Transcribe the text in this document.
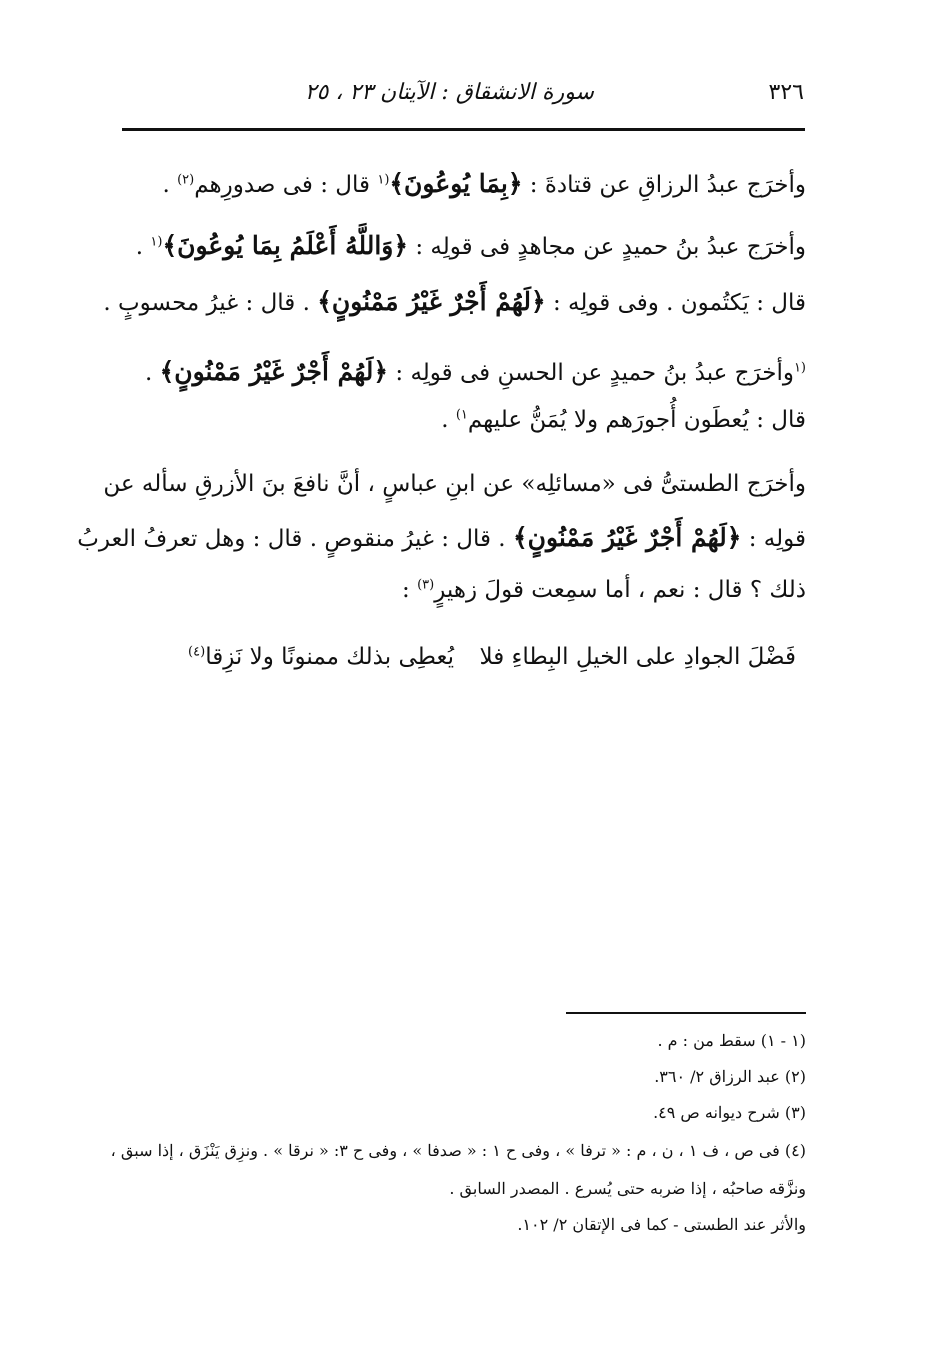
٣٢٦
سورة الانشقاق : الآيتان ٢٣ ، ٢٥
وأخرَج عبدُ الرزاقِ عن قتادةَ : ﴿بِمَا يُوعُونَ﴾$^{(١}$ قال : فى صدورِهم$^{(٢)}$ .
وأخرَج عبدُ بنُ حميدٍ عن مجاهدٍ فى قولِه : ﴿وَاللَّهُ أَعْلَمُ بِمَا يُوعُونَ﴾$^{(١}$ .
قال : يَكتُمون . وفى قولِه : ﴿لَهُمْ أَجْرٌ غَيْرُ مَمْنُونٍ﴾ . قال : غيرُ محسوبٍ .
$^{(١}$وأخرَج عبدُ بنُ حميدٍ عن الحسنِ فى قولِه : ﴿لَهُمْ أَجْرٌ غَيْرُ مَمْنُونٍ﴾ .
قال : يُعطَون أُجورَهم ولا يُمَنُّ عليهم$^{١)}$ .
وأخرَج الطستىُّ فى «مسائلِه» عن ابنِ عباسٍ ، أنَّ نافعَ بنَ الأزرقِ سأله عن
قولِه : ﴿لَهُمْ أَجْرٌ غَيْرُ مَمْنُونٍ﴾ . قال : غيرُ منقوصٍ . قال : وهل تعرفُ العربُ
ذلك ؟ قال : نعم ، أما سمِعت قولَ زهيرٍ$^{(٣)}$ :
فَضْلَ الجوادِ على الخيلِ البِطاءِ فلا
يُعطِى بذلك ممنونًا ولا نَزِقا$^{(٤)}$
(١ - ١) سقط من : م .
(٢) عبد الرزاق ٢/ ٣٦٠.
(٣) شرح ديوانه ص ٤٩.
(٤) فى ص ، ف ١ ، ن ، م : « ترفا » ، وفى ح ١ : « صدفا » ، وفى ح ٣: « نرقا » . ونزِق يَنْزَق ، إذا سبق ،
ونزَّقه صاحبُه ، إذا ضربه حتى يُسرع . المصدر السابق .
والأثر عند الطستى - كما فى الإتقان ٢/ ١٠٢.
